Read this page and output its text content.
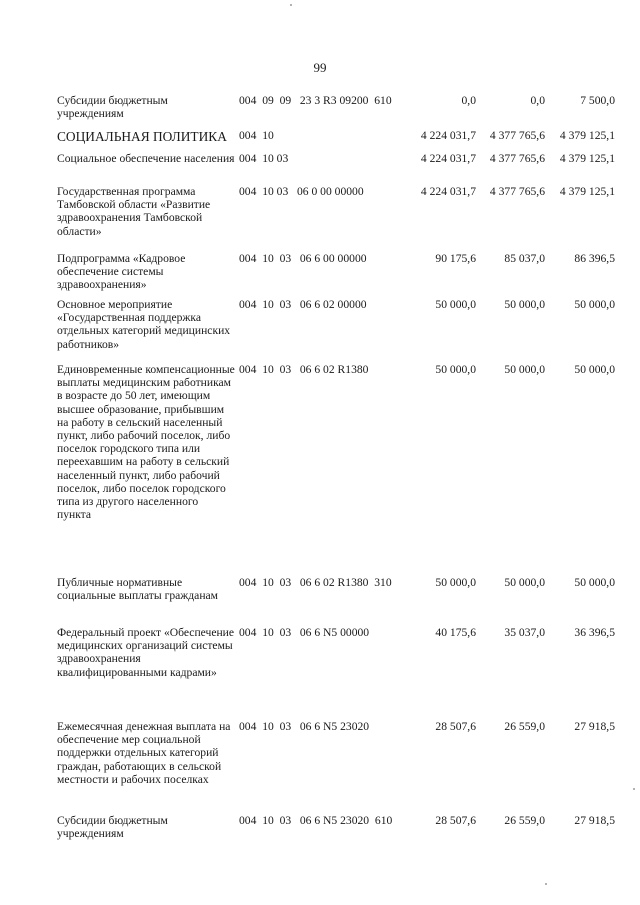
99
Субсидии бюджетным учреждениям
004  09  09   23 3 R3 09200  610	0,0	0,0	7 500,0
СОЦИАЛЬНАЯ ПОЛИТИКА	004  10	4 224 031,7	4 377 765,6	4 379 125,1
Социальное обеспечение населения 004  10 03	4 224 031,7	4 377 765,6	4 379 125,1
Государственная программа Тамбовской области «Развитие здравоохранения Тамбовской области»
004  10 03   06 0 00 00000	4 224 031,7	4 377 765,6	4 379 125,1
Подпрограмма «Кадровое обеспечение системы здравоохранения»
004  10  03   06 6 00 00000	90 175,6	85 037,0	86 396,5
Основное мероприятие «Государственная поддержка отдельных категорий медицинских работников»
004  10  03   06 6 02 00000	50 000,0	50 000,0	50 000,0
Единовременные компенсационные выплаты медицинским работникам в возрасте до 50 лет, имеющим высшее образование, прибывшим на работу в сельский населенный пункт, либо рабочий поселок, либо поселок городского типа или переехавшим на работу в сельский населенный пункт, либо рабочий поселок, либо поселок городского типа из другого населенного пункта
004  10  03   06 6 02 R1380	50 000,0	50 000,0	50 000,0
Публичные нормативные социальные выплаты гражданам
004  10  03   06 6 02 R1380  310	50 000,0	50 000,0	50 000,0
Федеральный проект «Обеспечение медицинских организаций системы здравоохранения квалифицированными кадрами»
004  10  03   06 6 N5 00000	40 175,6	35 037,0	36 396,5
Ежемесячная денежная выплата на обеспечение мер социальной поддержки отдельных категорий граждан, работающих в сельской местности и рабочих поселках
004  10  03   06 6 N5 23020	28 507,6	26 559,0	27 918,5
Субсидии бюджетным учреждениям
004  10  03   06 6 N5 23020  610	28 507,6	26 559,0	27 918,5
